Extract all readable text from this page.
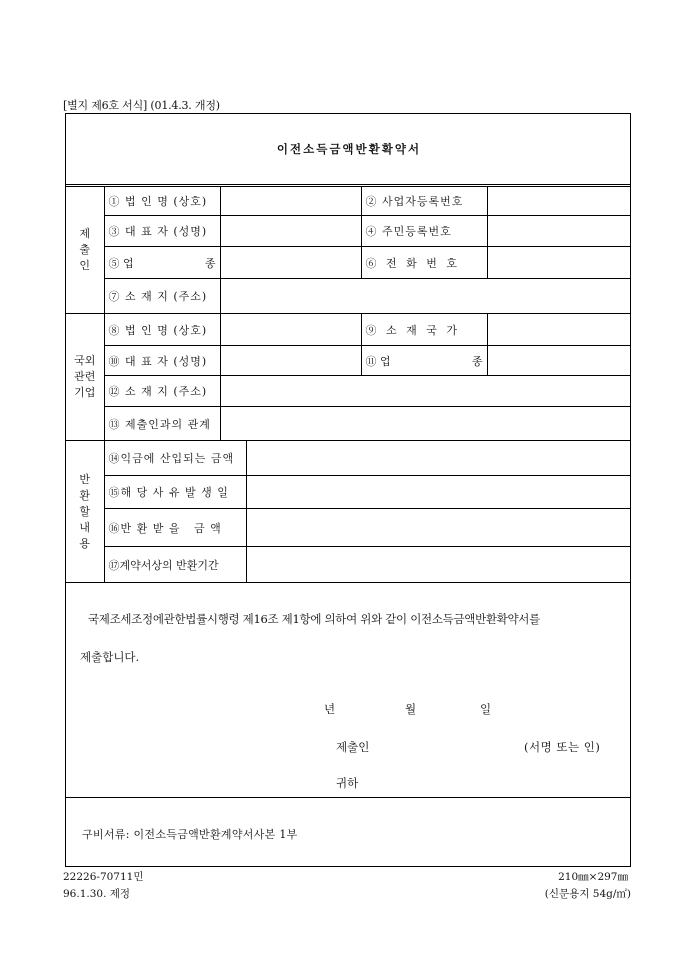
[별지 제6호 서식] (01.4.3. 개정)
이전소득금액반환확약서
제
출
인	① 법 인 명 (상호)			② 사업자등록번호	
	③ 대 표 자 (성명)			④ 주민등록번호	
	⑤ 업 종			⑥ 전 화 번 호	
	⑦ 소 재 지 (주소)				
국외
관련
기업	⑧ 법 인 명 (상호)			⑨ 소 재 국 가	
	⑩ 대 표 자 (성명)			⑪ 업 종	

	⑫ 소 재 지 (주소)				
	⑬ 제출인과의 관계				
반
환
할
내
용	⑭익금에 산입되는 금액				
	⑮해 당 사 유 발 생 일				
	⑯반 환 받 을   금 액				
	⑰계약서상의 반환기간				

국제조세조정에관한법률시행령 제16조 제1항에 의하여 위와 같이 이전소득금액반환확약서를

제출합니다.

년	월	일

제출인	(서명 또는 인)

귀하

구비서류: 이전소득금액반환계약서사본 1부
22226-70711민
96.1.30. 제정
210㎜×297㎜
(신문용지 54g/㎡)
